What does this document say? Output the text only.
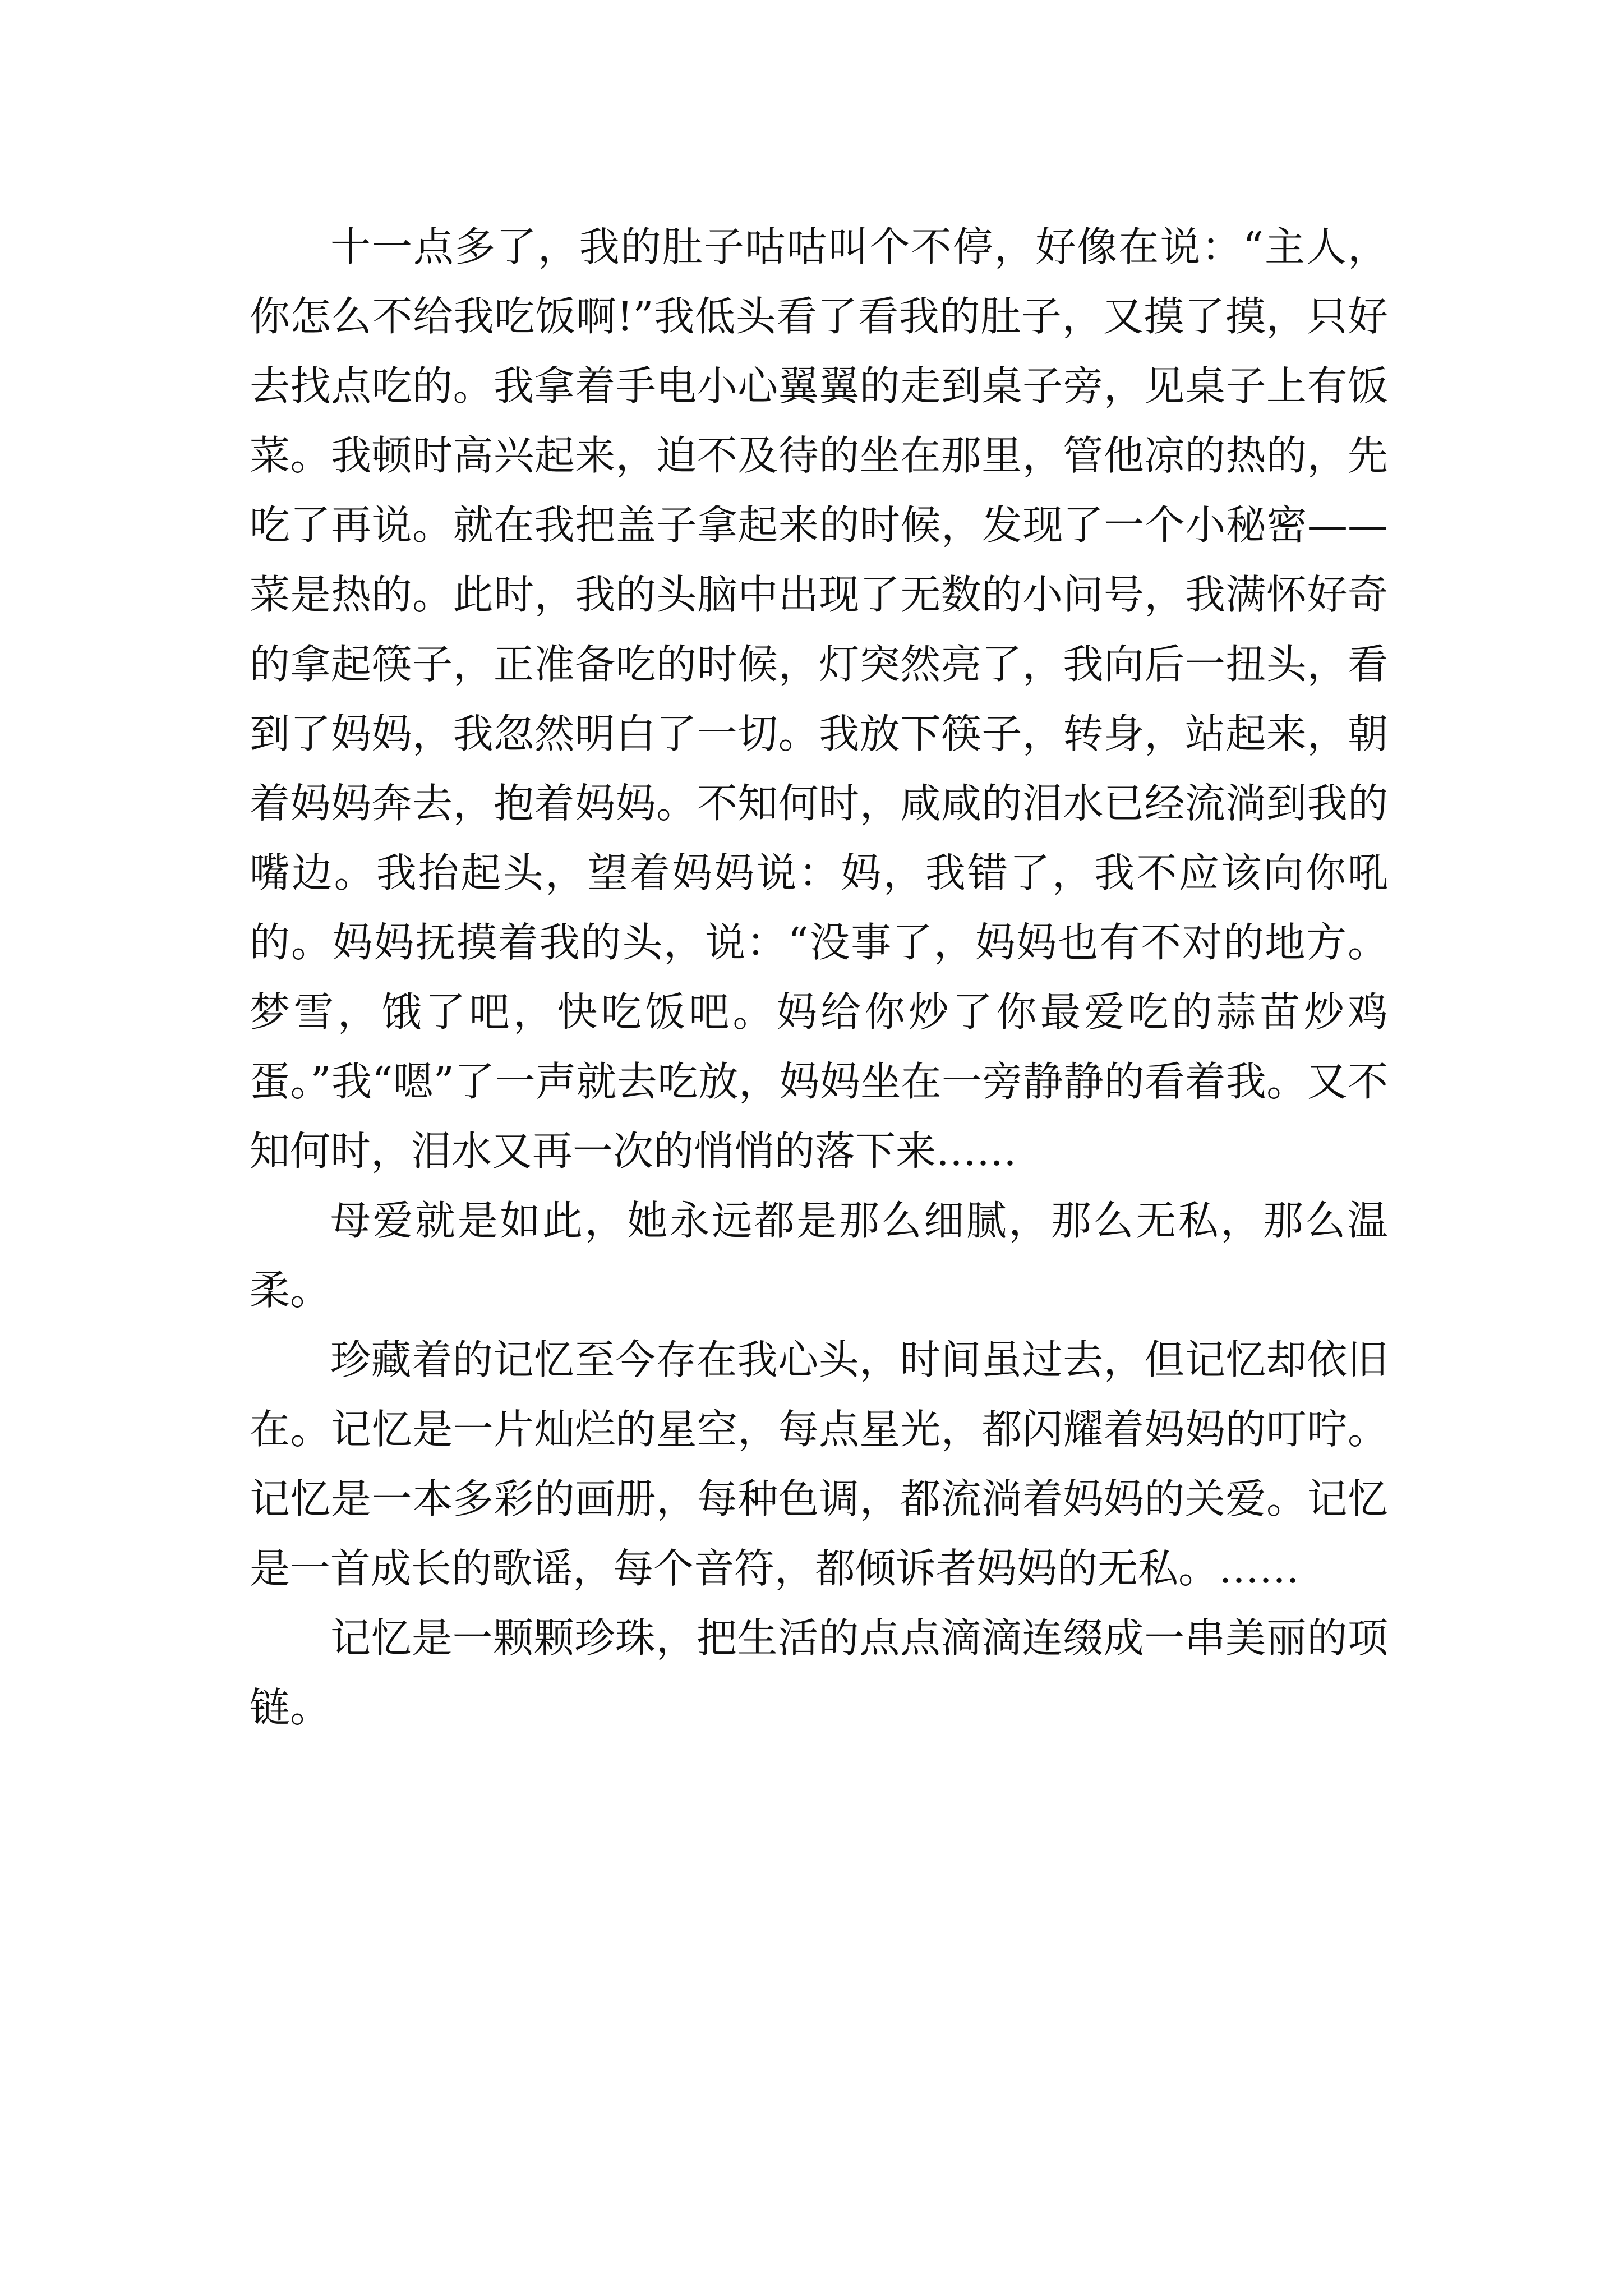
十一点多了，我的肚子咕咕叫个不停，好像在说：“主人，你怎么不给我吃饭啊!”我低头看了看我的肚子，又摸了摸，只好去找点吃的。我拿着手电小心翼翼的走到桌子旁，见桌子上有饭菜。我顿时高兴起来，迫不及待的坐在那里，管他凉的热的，先吃了再说。就在我把盖子拿起来的时候，发现了一个小秘密——菜是热的。此时，我的头脑中出现了无数的小问号，我满怀好奇的拿起筷子，正准备吃的时候，灯突然亮了，我向后一扭头，看到了妈妈，我忽然明白了一切。我放下筷子，转身，站起来，朝着妈妈奔去，抱着妈妈。不知何时，咸咸的泪水已经流淌到我的嘴边。我抬起头，望着妈妈说：妈，我错了，我不应该向你吼的。妈妈抚摸着我的头，说：“没事了，妈妈也有不对的地方。梦雪，饿了吧，快吃饭吧。妈给你炒了你最爱吃的蒜苗炒鸡蛋。”我“嗯”了一声就去吃放，妈妈坐在一旁静静的看着我。又不知何时，泪水又再一次的悄悄的落下来……

母爱就是如此，她永远都是那么细腻，那么无私，那么温柔。

珍藏着的记忆至今存在我心头，时间虽过去，但记忆却依旧在。记忆是一片灿烂的星空，每点星光，都闪耀着妈妈的叮咛。记忆是一本多彩的画册，每种色调，都流淌着妈妈的关爱。记忆是一首成长的歌谣，每个音符，都倾诉者妈妈的无私。……

记忆是一颗颗珍珠，把生活的点点滴滴连缀成一串美丽的项链。
